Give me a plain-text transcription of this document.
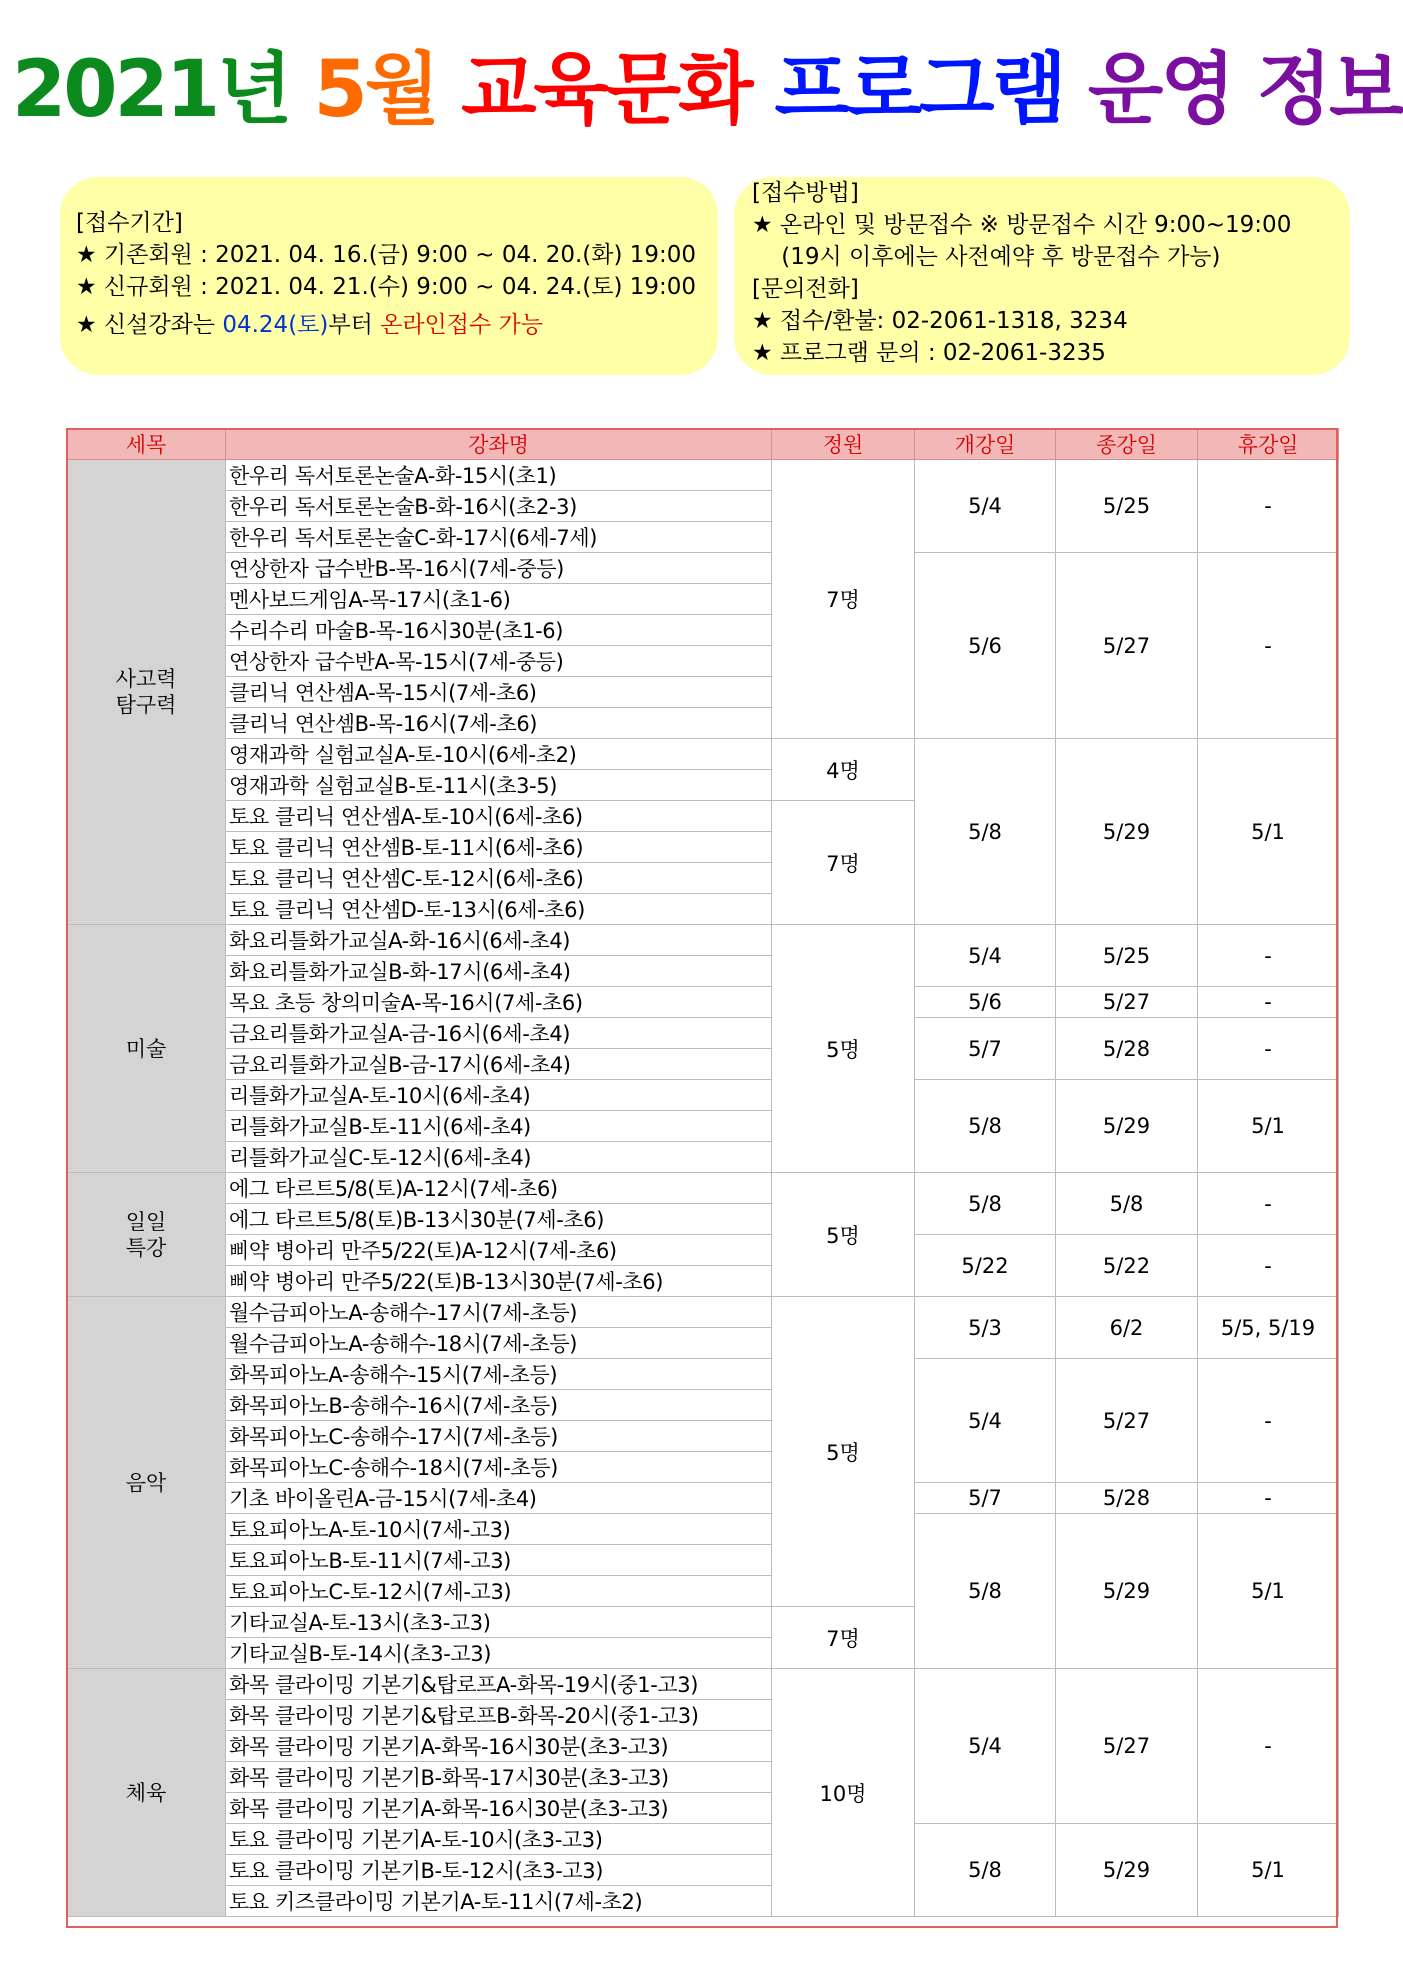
2021년 5월 교육문화 프로그램 운영 정보
[접수기간]
★ 기존회원 : 2021. 04. 16.(금) 9:00 ~ 04. 20.(화) 19:00
★ 신규회원 : 2021. 04. 21.(수) 9:00 ~ 04. 24.(토) 19:00
★ 신설강좌는 04.24(토)부터 온라인접수 가능
[접수방법]
★ 온라인 및 방문접수 ※ 방문접수 시간 9:00~19:00
(19시 이후에는 사전예약 후 방문접수 가능)
[문의전화]
★ 접수/환불: 02-2061-1318, 3234
★ 프로그램 문의 : 02-2061-3235
세목	강좌명	정원	개강일	종강일	휴강일
사고력
탐구력	한우리 독서토론논술A-화-15시(초1)	7명	5/4	5/25	-
	한우리 독서토론논술B-화-16시(초2-3)				
	한우리 독서토론논술C-화-17시(6세-7세)				
	연상한자 급수반B-목-16시(7세-중등)		5/6	5/27	-
	멘사보드게임A-목-17시(초1-6)				
	수리수리 마술B-목-16시30분(초1-6)				
	연상한자 급수반A-목-15시(7세-중등)				
	클리닉 연산셈A-목-15시(7세-초6)				
	클리닉 연산셈B-목-16시(7세-초6)				
	영재과학 실험교실A-토-10시(6세-초2)	4명	5/8	5/29	5/1
	영재과학 실험교실B-토-11시(초3-5)				
	토요 클리닉 연산셈A-토-10시(6세-초6)	7명			
	토요 클리닉 연산셈B-토-11시(6세-초6)				
	토요 클리닉 연산셈C-토-12시(6세-초6)				
	토요 클리닉 연산셈D-토-13시(6세-초6)				
미술	화요리틀화가교실A-화-16시(6세-초4)	5명	5/4	5/25	-
	화요리틀화가교실B-화-17시(6세-초4)				
	목요 초등 창의미술A-목-16시(7세-초6)		5/6	5/27	-
	금요리틀화가교실A-금-16시(6세-초4)		5/7	5/28	-
	금요리틀화가교실B-금-17시(6세-초4)				
	리틀화가교실A-토-10시(6세-초4)		5/8	5/29	5/1
	리틀화가교실B-토-11시(6세-초4)				
	리틀화가교실C-토-12시(6세-초4)				
일일
특강	에그 타르트5/8(토)A-12시(7세-초6)	5명	5/8	5/8	-
	에그 타르트5/8(토)B-13시30분(7세-초6)				
	삐약 병아리 만주5/22(토)A-12시(7세-초6)		5/22	5/22	-
	삐약 병아리 만주5/22(토)B-13시30분(7세-초6)				
음악	월수금피아노A-송해수-17시(7세-초등)	5명	5/3	6/2	5/5, 5/19
	월수금피아노A-송해수-18시(7세-초등)				
	화목피아노A-송해수-15시(7세-초등)		5/4	5/27	-
	화목피아노B-송해수-16시(7세-초등)				
	화목피아노C-송해수-17시(7세-초등)				
	화목피아노C-송해수-18시(7세-초등)				
	기초 바이올린A-금-15시(7세-초4)		5/7	5/28	-
	토요피아노A-토-10시(7세-고3)		5/8	5/29	5/1
	토요피아노B-토-11시(7세-고3)				
	토요피아노C-토-12시(7세-고3)				
	기타교실A-토-13시(초3-고3)	7명			
	기타교실B-토-14시(초3-고3)				
체육	화목 클라이밍 기본기&탑로프A-화목-19시(중1-고3)	10명	5/4	5/27	-
	화목 클라이밍 기본기&탑로프B-화목-20시(중1-고3)				
	화목 클라이밍 기본기A-화목-16시30분(초3-고3)				
	화목 클라이밍 기본기B-화목-17시30분(초3-고3)				
	화목 클라이밍 기본기A-화목-16시30분(초3-고3)				
	토요 클라이밍 기본기A-토-10시(초3-고3)		5/8	5/29	5/1
	토요 클라이밍 기본기B-토-12시(초3-고3)				
	토요 키즈클라이밍 기본기A-토-11시(7세-초2)				
